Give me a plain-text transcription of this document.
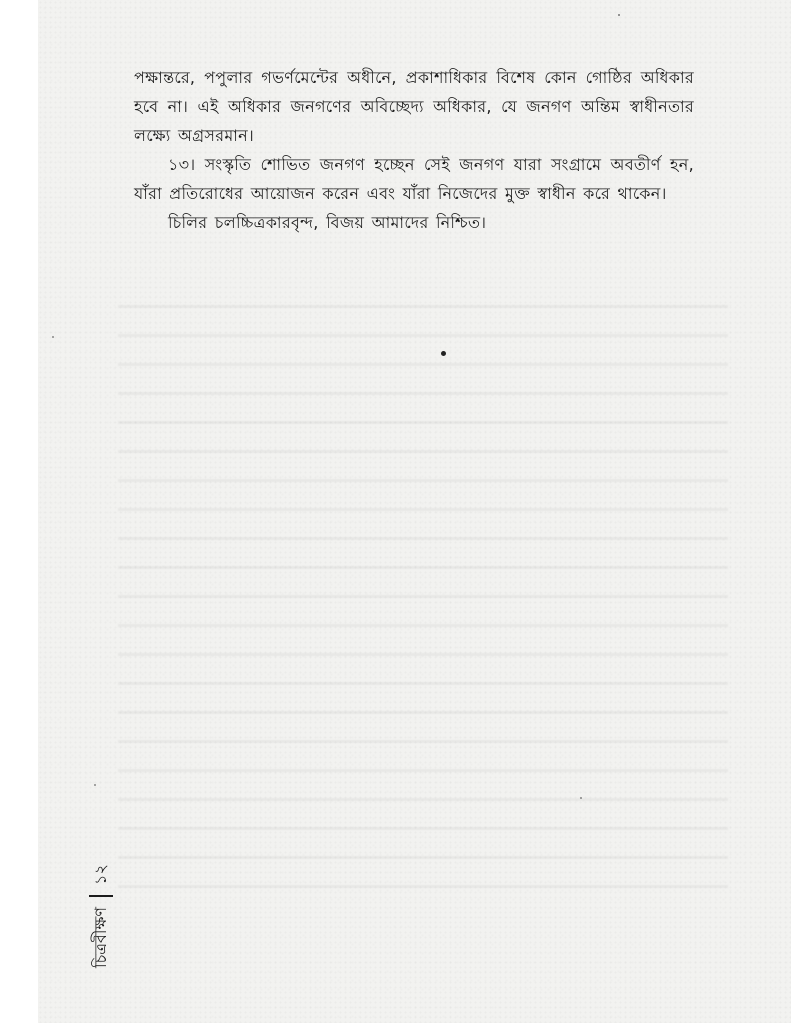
পক্ষান্তরে, পপুলার গভর্ণমেন্টের অধীনে, প্রকাশাধিকার বিশেষ কোন গোষ্ঠির অধিকার হবে না। এই অধিকার জনগণের অবিচ্ছেদ্য অধিকার, যে জনগণ অন্তিম স্বাধীনতার লক্ষ্যে অগ্রসরমান।

১৩। সংস্কৃতি শোভিত জনগণ হচ্ছেন সেই জনগণ যারা সংগ্রামে অবতীর্ণ হন, যাঁরা প্রতিরোধের আয়োজন করেন এবং যাঁরা নিজেদের মুক্ত স্বাধীন করে থাকেন।

চিলির চলচ্চিত্রকারবৃন্দ, বিজয় আমাদের নিশ্চিত।

চিত্রবীক্ষণ
১২
